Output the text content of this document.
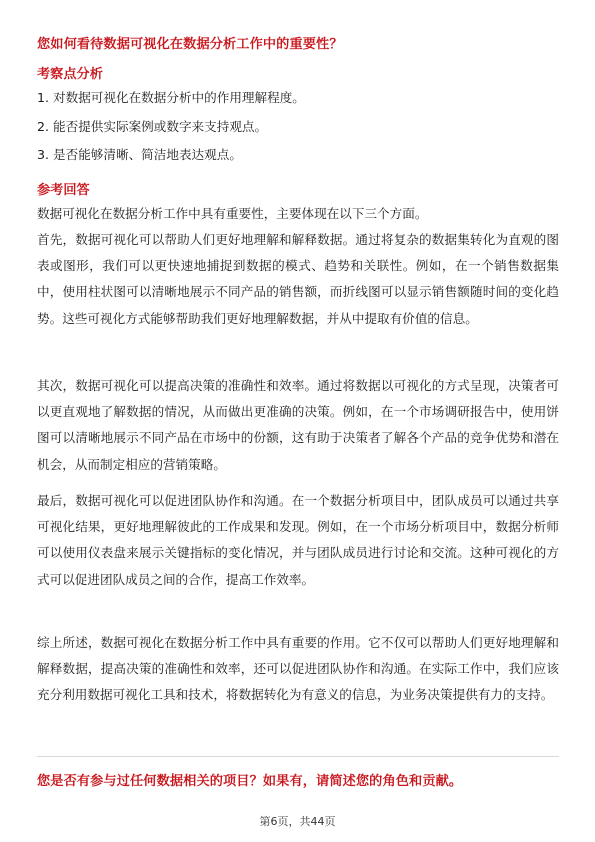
您如何看待数据可视化在数据分析工作中的重要性？
考察点分析
1. 对数据可视化在数据分析中的作用理解程度。
2. 能否提供实际案例或数字来支持观点。
3. 是否能够清晰、简洁地表达观点。
参考回答
数据可视化在数据分析工作中具有重要性，主要体现在以下三个方面。
首先，数据可视化可以帮助人们更好地理解和解释数据。通过将复杂的数据集转化为直观的图表或图形，我们可以更快速地捕捉到数据的模式、趋势和关联性。例如，在一个销售数据集中，使用柱状图可以清晰地展示不同产品的销售额，而折线图可以显示销售额随时间的变化趋势。这些可视化方式能够帮助我们更好地理解数据，并从中提取有价值的信息。
其次，数据可视化可以提高决策的准确性和效率。通过将数据以可视化的方式呈现，决策者可以更直观地了解数据的情况，从而做出更准确的决策。例如，在一个市场调研报告中，使用饼图可以清晰地展示不同产品在市场中的份额，这有助于决策者了解各个产品的竞争优势和潜在机会，从而制定相应的营销策略。
最后，数据可视化可以促进团队协作和沟通。在一个数据分析项目中，团队成员可以通过共享可视化结果，更好地理解彼此的工作成果和发现。例如，在一个市场分析项目中，数据分析师可以使用仪表盘来展示关键指标的变化情况，并与团队成员进行讨论和交流。这种可视化的方式可以促进团队成员之间的合作，提高工作效率。
综上所述，数据可视化在数据分析工作中具有重要的作用。它不仅可以帮助人们更好地理解和解释数据，提高决策的准确性和效率，还可以促进团队协作和沟通。在实际工作中，我们应该充分利用数据可视化工具和技术，将数据转化为有意义的信息，为业务决策提供有力的支持。
您是否有参与过任何数据相关的项目？如果有，请简述您的角色和贡献。
第6页，共44页
